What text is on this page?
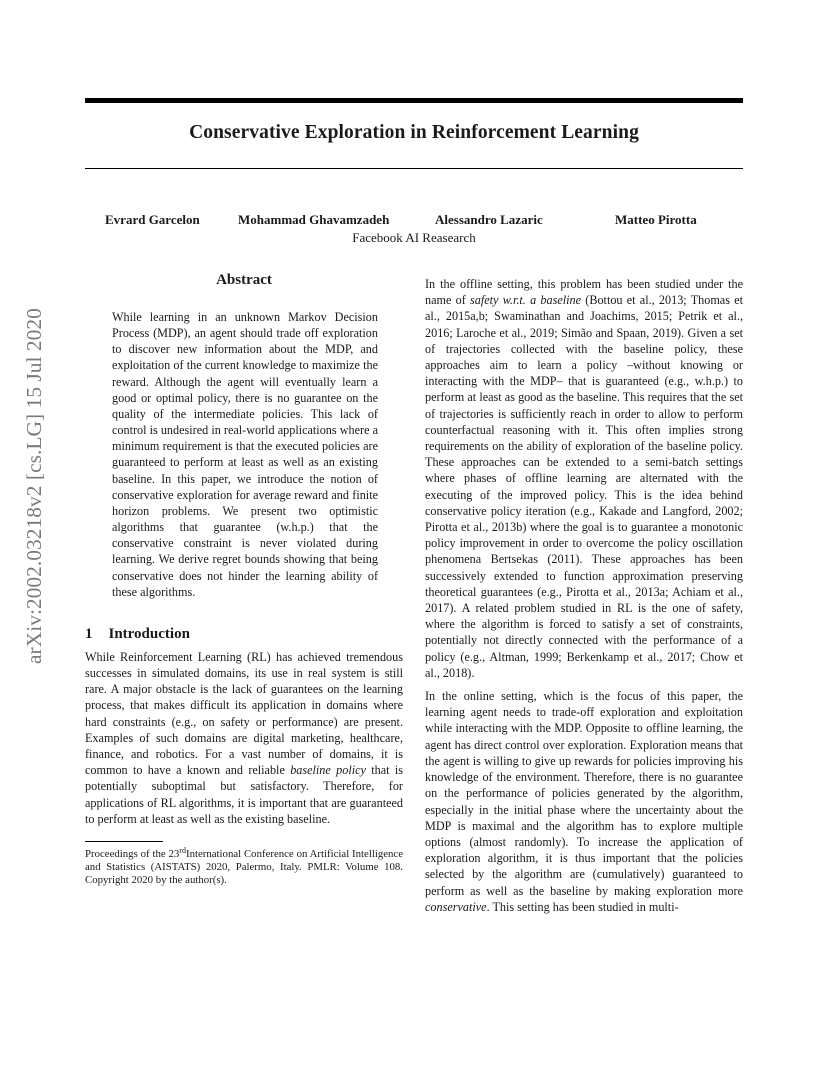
arXiv:2002.03218v2 [cs.LG] 15 Jul 2020
Conservative Exploration in Reinforcement Learning
Evrard Garcelon	Mohammad Ghavamzadeh	Alessandro Lazaric	Matteo Pirotta
Facebook AI Reasearch
Abstract

While learning in an unknown Markov Decision Process (MDP), an agent should trade off exploration to discover new information about the MDP, and exploitation of the current knowledge to maximize the reward. Although the agent will eventually learn a good or optimal policy, there is no guarantee on the quality of the intermediate policies. This lack of control is undesired in real-world applications where a minimum requirement is that the executed policies are guaranteed to perform at least as well as an existing baseline. In this paper, we introduce the notion of conservative exploration for average reward and finite horizon problems. We present two optimistic algorithms that guarantee (w.h.p.) that the conservative constraint is never violated during learning. We derive regret bounds showing that being conservative does not hinder the learning ability of these algorithms.

1 Introduction

While Reinforcement Learning (RL) has achieved tremendous successes in simulated domains, its use in real system is still rare. A major obstacle is the lack of guarantees on the learning process, that makes difficult its application in domains where hard constraints (e.g., on safety or performance) are present. Examples of such domains are digital marketing, healthcare, finance, and robotics. For a vast number of domains, it is common to have a known and reliable baseline policy that is potentially suboptimal but satisfactory. Therefore, for applications of RL algorithms, it is important that are guaranteed to perform at least as well as the existing baseline.

Proceedings of the 23rdInternational Conference on Artificial Intelligence and Statistics (AISTATS) 2020, Palermo, Italy. PMLR: Volume 108. Copyright 2020 by the author(s).

In the offline setting, this problem has been studied under the name of safety w.r.t. a baseline (Bottou et al., 2013; Thomas et al., 2015a,b; Swaminathan and Joachims, 2015; Petrik et al., 2016; Laroche et al., 2019; Simão and Spaan, 2019). Given a set of trajectories collected with the baseline policy, these approaches aim to learn a policy –without knowing or interacting with the MDP– that is guaranteed (e.g., w.h.p.) to perform at least as good as the baseline. This requires that the set of trajectories is sufficiently reach in order to allow to perform counterfactual reasoning with it. This often implies strong requirements on the ability of exploration of the baseline policy. These approaches can be extended to a semi-batch settings where phases of offline learning are alternated with the executing of the improved policy. This is the idea behind conservative policy iteration (e.g., Kakade and Langford, 2002; Pirotta et al., 2013b) where the goal is to guarantee a monotonic policy improvement in order to overcome the policy oscillation phenomena Bertsekas (2011). These approaches has been successively extended to function approximation preserving theoretical guarantees (e.g., Pirotta et al., 2013a; Achiam et al., 2017). A related problem studied in RL is the one of safety, where the algorithm is forced to satisfy a set of constraints, potentially not directly connected with the performance of a policy (e.g., Altman, 1999; Berkenkamp et al., 2017; Chow et al., 2018).

In the online setting, which is the focus of this paper, the learning agent needs to trade-off exploration and exploitation while interacting with the MDP. Opposite to offline learning, the agent has direct control over exploration. Exploration means that the agent is willing to give up rewards for policies improving his knowledge of the environment. Therefore, there is no guarantee on the performance of policies generated by the algorithm, especially in the initial phase where the uncertainty about the MDP is maximal and the algorithm has to explore multiple options (almost randomly). To increase the application of exploration algorithm, it is thus important that the policies selected by the algorithm are (cumulatively) guaranteed to perform as well as the baseline by making exploration more conservative. This setting has been studied in multi-
